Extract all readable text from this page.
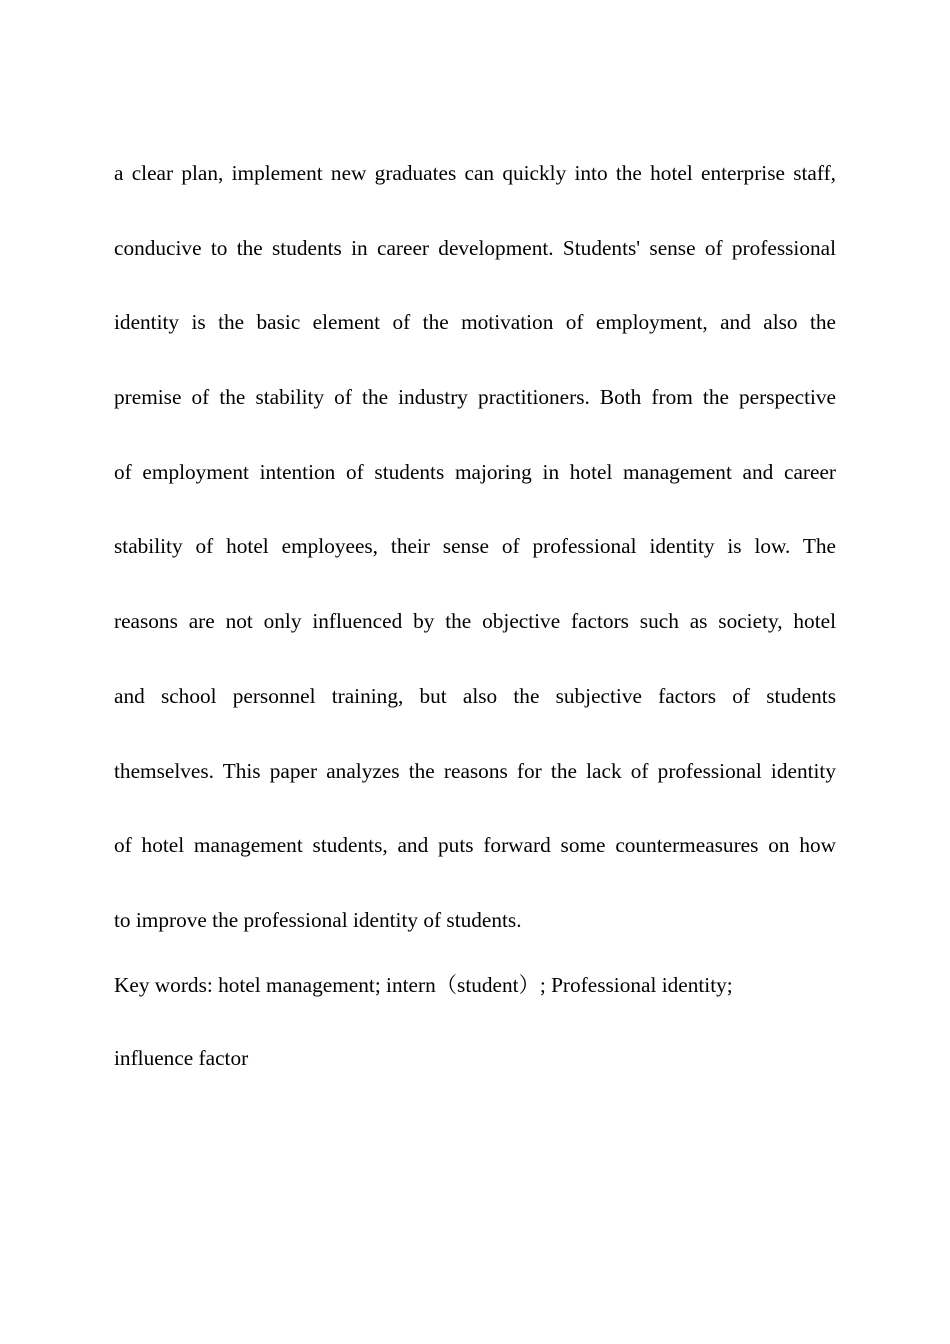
a clear plan, implement new graduates can quickly into the hotel enterprise staff,
conducive to the students in career development. Students' sense of professional
identity is the basic element of the motivation of employment, and also the
premise of the stability of the industry practitioners. Both from the perspective
of employment intention of students majoring in hotel management and career
stability of hotel employees, their sense of professional identity is low. The
reasons are not only influenced by the objective factors such as society, hotel
and school personnel training, but also the subjective factors of students
themselves. This paper analyzes the reasons for the lack of professional identity
of hotel management students, and puts forward some countermeasures on how
to improve the professional identity of students.
Key words: hotel management; intern（student）; Professional identity;
influence factor
